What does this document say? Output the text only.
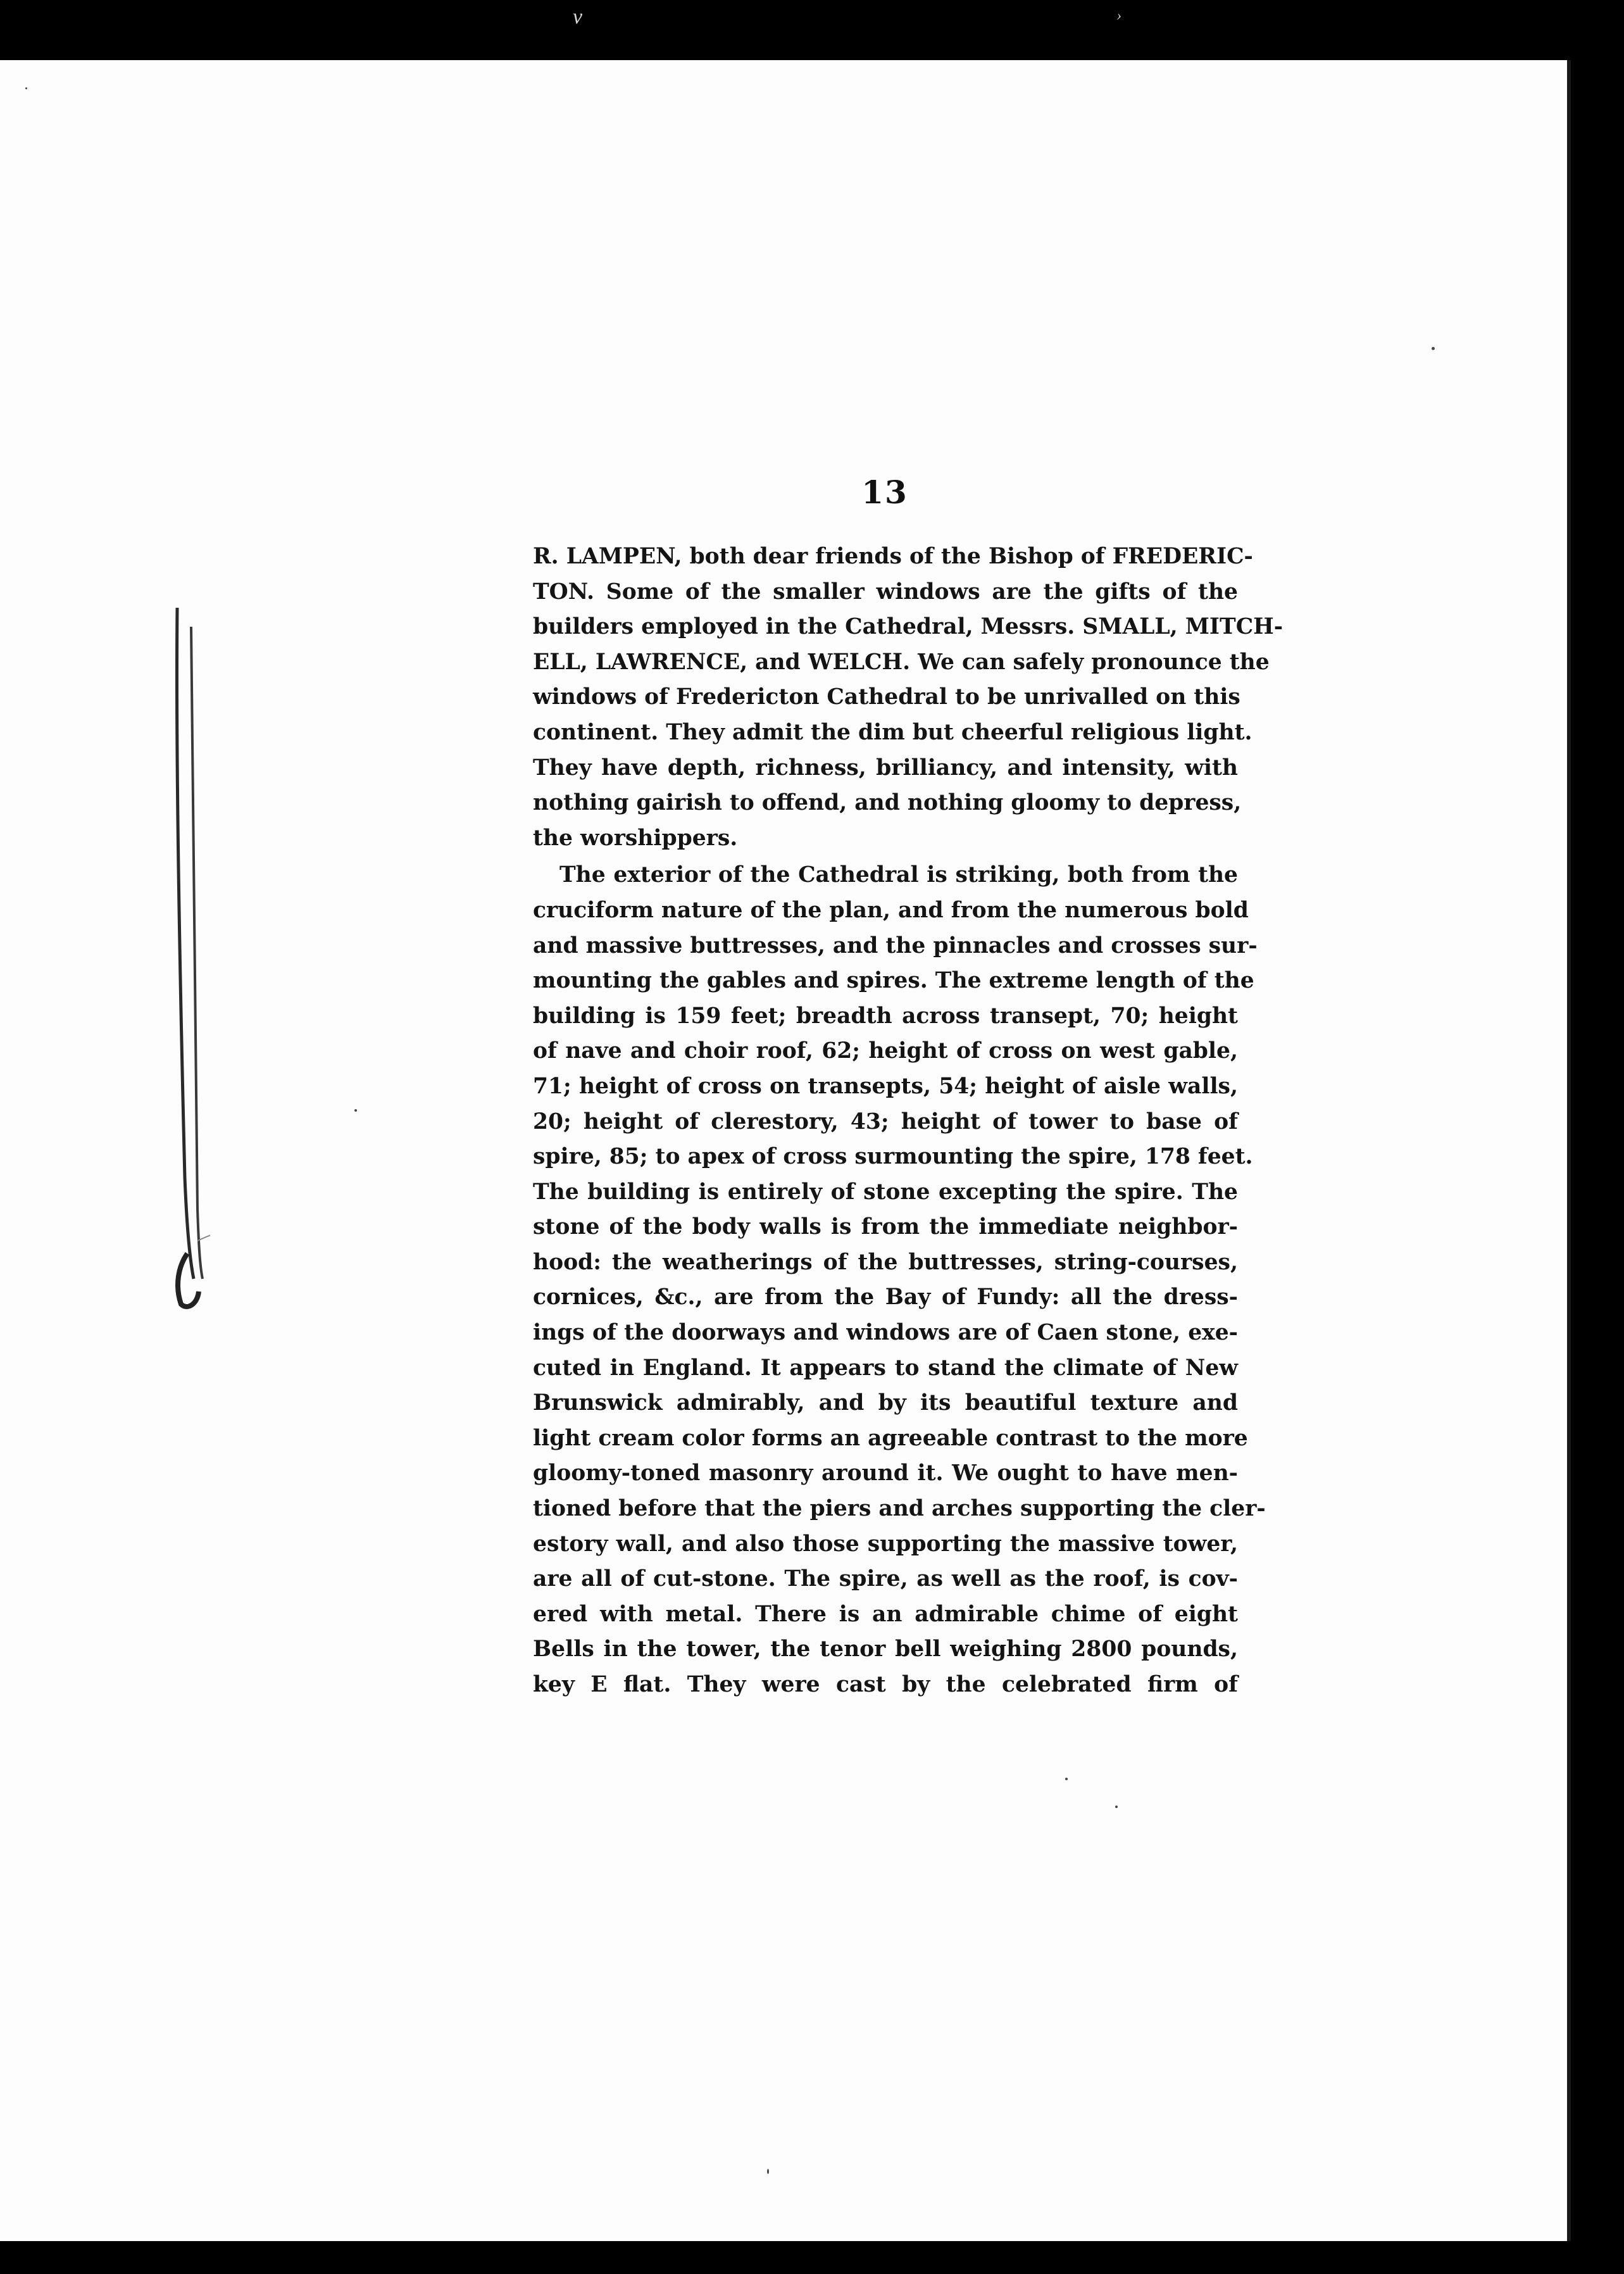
v	›
13
R. LAMPEN, both dear friends of the Bishop of FREDERIC-
TON. Some of the smaller windows are the gifts of the
builders employed in the Cathedral, Messrs. SMALL, MITCH-
ELL, LAWRENCE, and WELCH. We can safely pronounce the
windows of Fredericton Cathedral to be unrivalled on this
continent. They admit the dim but cheerful religious light.
They have depth, richness, brilliancy, and intensity, with
nothing gairish to offend, and nothing gloomy to depress,
the worshippers.
The exterior of the Cathedral is striking, both from the
cruciform nature of the plan, and from the numerous bold
and massive buttresses, and the pinnacles and crosses sur-
mounting the gables and spires. The extreme length of the
building is 159 feet; breadth across transept, 70; height
of nave and choir roof, 62; height of cross on west gable,
71; height of cross on transepts, 54; height of aisle walls,
20; height of clerestory, 43; height of tower to base of
spire, 85; to apex of cross surmounting the spire, 178 feet.
The building is entirely of stone excepting the spire. The
stone of the body walls is from the immediate neighbor-
hood: the weatherings of the buttresses, string-courses,
cornices, &c., are from the Bay of Fundy: all the dress-
ings of the doorways and windows are of Caen stone, exe-
cuted in England. It appears to stand the climate of New
Brunswick admirably, and by its beautiful texture and
light cream color forms an agreeable contrast to the more
gloomy-toned masonry around it. We ought to have men-
tioned before that the piers and arches supporting the cler-
estory wall, and also those supporting the massive tower,
are all of cut-stone. The spire, as well as the roof, is cov-
ered with metal. There is an admirable chime of eight
Bells in the tower, the tenor bell weighing 2800 pounds,
key E flat. They were cast by the celebrated firm of
